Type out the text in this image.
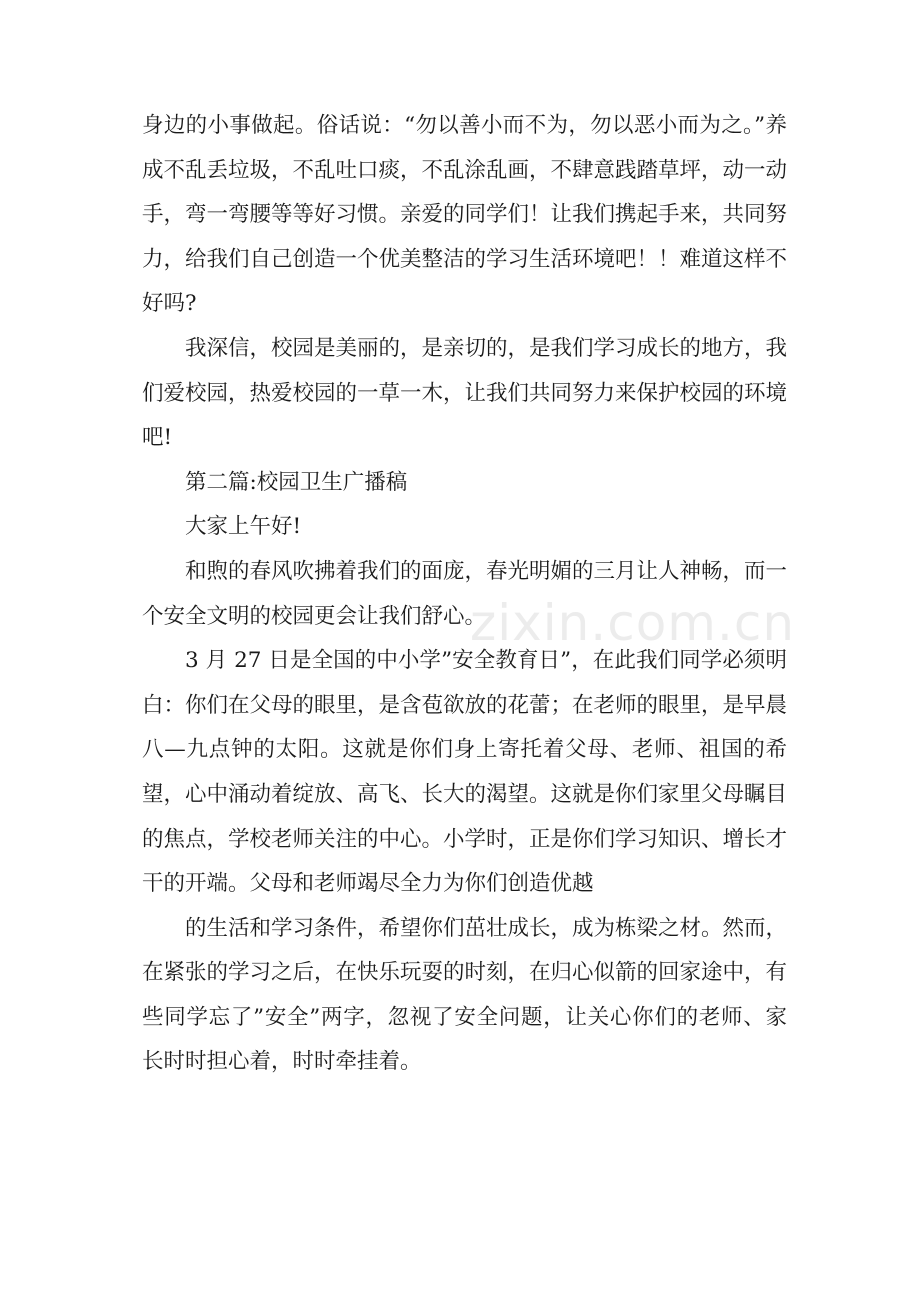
身边的小事做起。俗话说：“勿以善小而不为，勿以恶小而为之。”养成不乱丢垃圾，不乱吐口痰，不乱涂乱画，不肆意践踏草坪，动一动手，弯一弯腰等等好习惯。亲爱的同学们！让我们携起手来，共同努力，给我们自己创造一个优美整洁的学习生活环境吧！！难道这样不好吗?

我深信，校园是美丽的，是亲切的，是我们学习成长的地方，我们爱校园，热爱校园的一草一木，让我们共同努力来保护校园的环境吧!

第二篇:校园卫生广播稿

大家上午好!

和煦的春风吹拂着我们的面庞，春光明媚的三月让人神畅，而一个安全文明的校园更会让我们舒心。

3 月 27 日是全国的中小学”安全教育日”，在此我们同学必须明白：你们在父母的眼里，是含苞欲放的花蕾；在老师的眼里，是早晨八—九点钟的太阳。这就是你们身上寄托着父母、老师、祖国的希望，心中涌动着绽放、高飞、长大的渴望。这就是你们家里父母瞩目的焦点，学校老师关注的中心。小学时，正是你们学习知识、增长才干的开端。父母和老师竭尽全力为你们创造优越

的生活和学习条件，希望你们茁壮成长，成为栋梁之材。然而，在紧张的学习之后，在快乐玩耍的时刻，在归心似箭的回家途中，有些同学忘了”安全”两字，忽视了安全问题，让关心你们的老师、家长时时担心着，时时牵挂着。

zixin.com.cn
